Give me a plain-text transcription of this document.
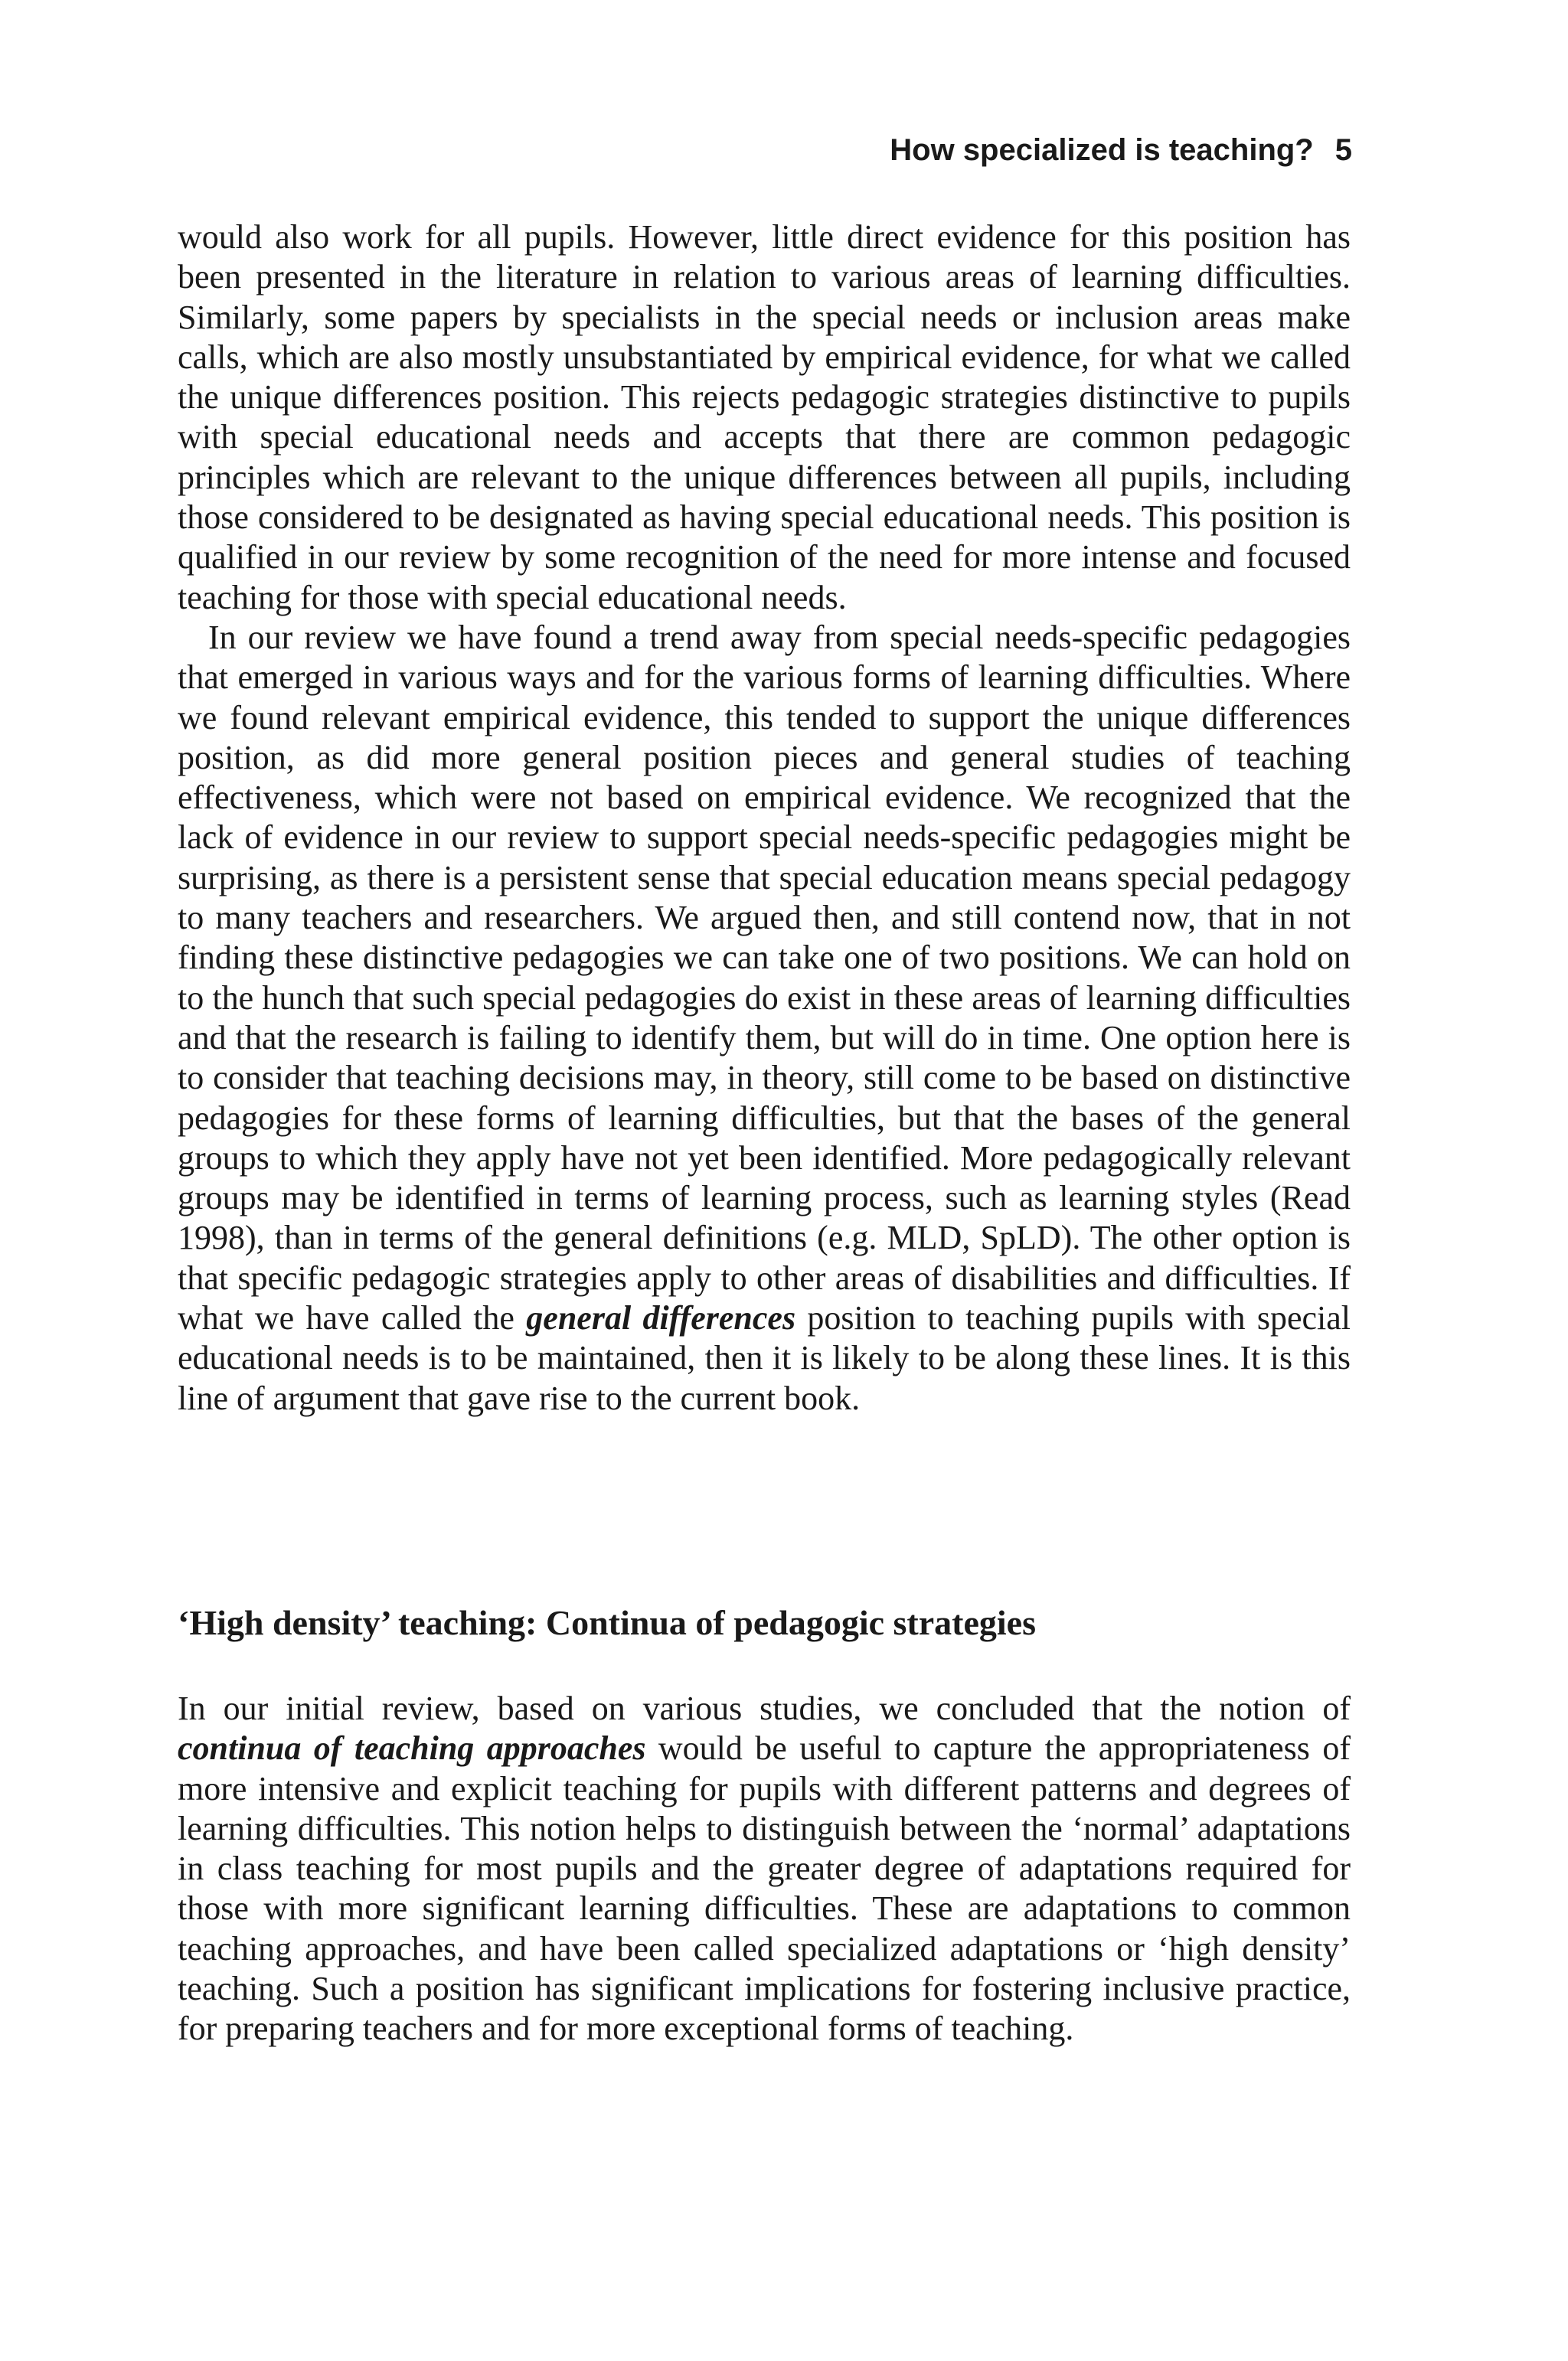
How specialized is teaching? 5

would also work for all pupils. However, little direct evidence for this position has been presented in the literature in relation to various areas of learning difficulties. Similarly, some papers by specialists in the special needs or inclusion areas make calls, which are also mostly unsubstantiated by empirical evidence, for what we called the unique differences position. This rejects pedagogic strategies distinctive to pupils with special educational needs and accepts that there are common pedagogic principles which are relevant to the unique differences between all pupils, including those considered to be designated as having special educational needs. This position is qualified in our review by some recognition of the need for more intense and focused teaching for those with special educational needs.

In our review we have found a trend away from special needs-specific pedagogies that emerged in various ways and for the various forms of learning difficulties. Where we found relevant empirical evidence, this tended to support the unique differences position, as did more general position pieces and general studies of teaching effectiveness, which were not based on empirical evidence. We recognized that the lack of evidence in our review to support special needs-specific pedagogies might be surprising, as there is a persistent sense that special education means special pedagogy to many teachers and researchers. We argued then, and still contend now, that in not finding these distinctive pedagogies we can take one of two positions. We can hold on to the hunch that such special pedagogies do exist in these areas of learning difficulties and that the research is failing to identify them, but will do in time. One option here is to consider that teaching decisions may, in theory, still come to be based on distinctive pedagogies for these forms of learning difficulties, but that the bases of the general groups to which they apply have not yet been identified. More pedagogically relevant groups may be identified in terms of learning process, such as learning styles (Read 1998), than in terms of the general definitions (e.g. MLD, SpLD). The other option is that specific pedagogic strategies apply to other areas of disabilities and difficulties. If what we have called the general differences position to teaching pupils with special educational needs is to be maintained, then it is likely to be along these lines. It is this line of argument that gave rise to the current book.

‘High density’ teaching: Continua of pedagogic strategies

In our initial review, based on various studies, we concluded that the notion of continua of teaching approaches would be useful to capture the appropriateness of more intensive and explicit teaching for pupils with different patterns and degrees of learning difficulties. This notion helps to distinguish between the ‘normal’ adaptations in class teaching for most pupils and the greater degree of adaptations required for those with more significant learning difficulties. These are adaptations to common teaching approaches, and have been called specialized adaptations or ‘high density’ teaching. Such a position has significant implications for fostering inclusive practice, for preparing teachers and for more exceptional forms of teaching.
